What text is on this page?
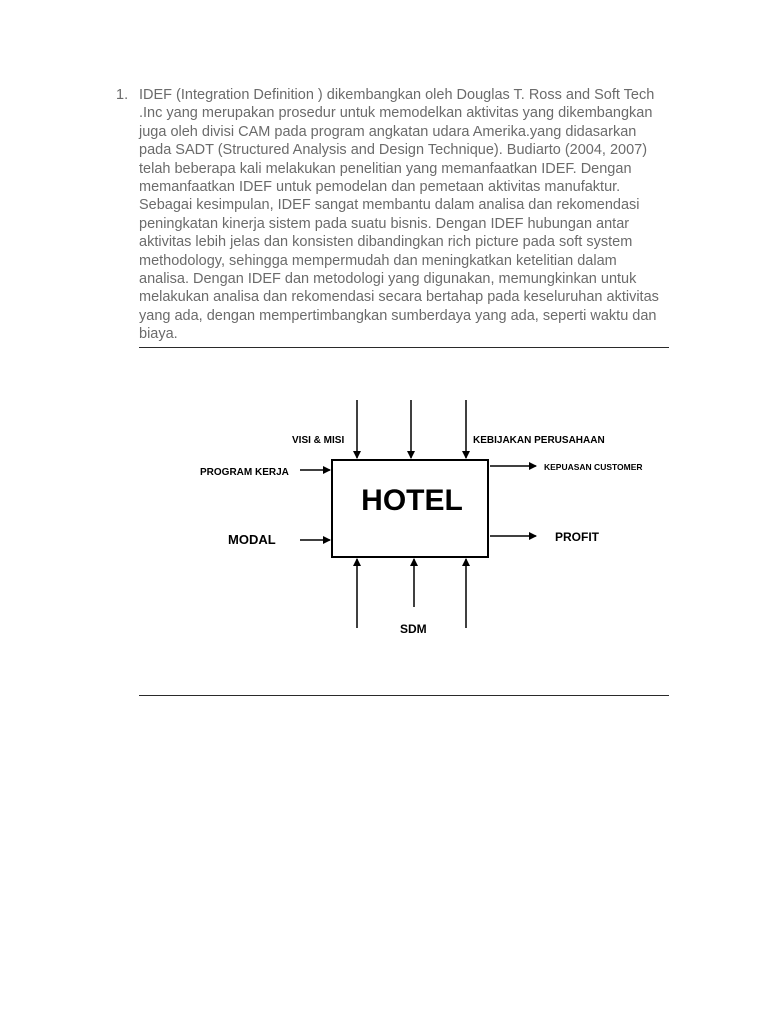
1. IDEF (Integration Definition ) dikembangkan oleh Douglas T. Ross and Soft Tech
.Inc yang merupakan prosedur untuk memodelkan aktivitas yang dikembangkan
juga oleh divisi CAM pada program angkatan udara Amerika.yang didasarkan
pada SADT (Structured Analysis and Design Technique). Budiarto (2004, 2007)
telah beberapa kali melakukan penelitian yang memanfaatkan IDEF. Dengan
memanfaatkan IDEF untuk pemodelan dan pemetaan aktivitas manufaktur.
Sebagai kesimpulan, IDEF sangat membantu dalam analisa dan rekomendasi
peningkatan kinerja sistem pada suatu bisnis. Dengan IDEF hubungan antar
aktivitas lebih jelas dan konsisten dibandingkan rich picture pada soft system
methodology, sehingga mempermudah dan meningkatkan ketelitian dalam
analisa. Dengan IDEF dan metodologi yang digunakan, memungkinkan untuk
melakukan analisa dan rekomendasi secara bertahap pada keseluruhan aktivitas
yang ada, dengan mempertimbangkan sumberdaya yang ada, seperti waktu dan
biaya.
HOTEL
VISI & MISI	KEBIJAKAN PERUSAHAAN
PROGRAM KERJA
MODAL
KEPUASAN CUSTOMER
PROFIT
SDM
